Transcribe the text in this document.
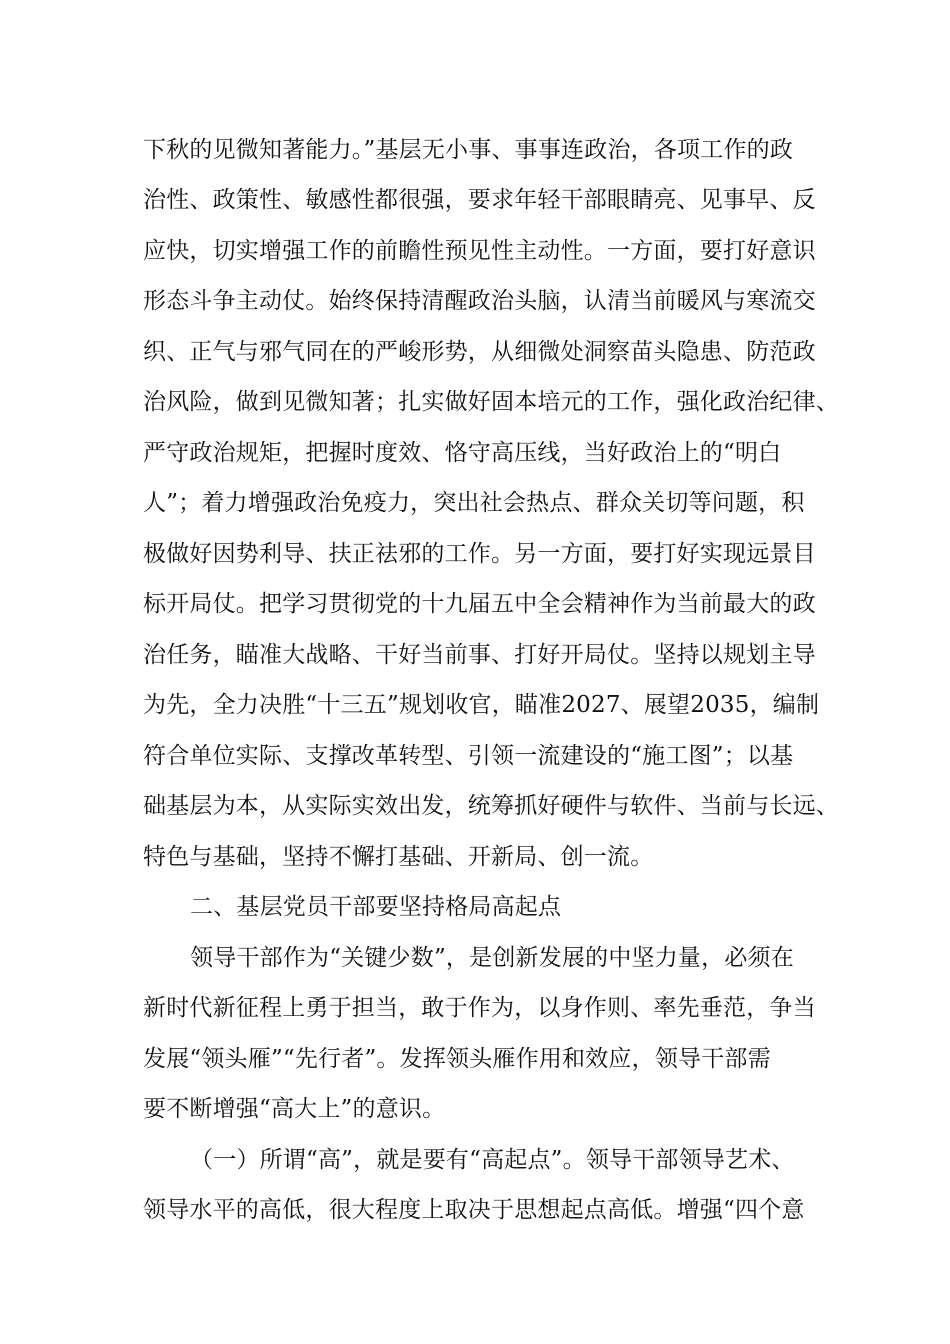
下秋的见微知著能力。”基层无小事、事事连政治，各项工作的政
治性、政策性、敏感性都很强，要求年轻干部眼睛亮、见事早、反
应快，切实增强工作的前瞻性预见性主动性。一方面，要打好意识
形态斗争主动仗。始终保持清醒政治头脑，认清当前暖风与寒流交
织、正气与邪气同在的严峻形势，从细微处洞察苗头隐患、防范政
治风险，做到见微知著；扎实做好固本培元的工作，强化政治纪律、
严守政治规矩，把握时度效、恪守高压线，当好政治上的“明白
人”；着力增强政治免疫力，突出社会热点、群众关切等问题，积
极做好因势利导、扶正祛邪的工作。另一方面，要打好实现远景目
标开局仗。把学习贯彻党的十九届五中全会精神作为当前最大的政
治任务，瞄准大战略、干好当前事、打好开局仗。坚持以规划主导
为先，全力决胜“十三五”规划收官，瞄准2027、展望2035，编制
符合单位实际、支撑改革转型、引领一流建设的“施工图”；以基
础基层为本，从实际实效出发，统筹抓好硬件与软件、当前与长远、
特色与基础，坚持不懈打基础、开新局、创一流。
二、基层党员干部要坚持格局高起点
领导干部作为“关键少数”，是创新发展的中坚力量，必须在
新时代新征程上勇于担当，敢于作为，以身作则、率先垂范，争当
发展“领头雁”“先行者”。发挥领头雁作用和效应，领导干部需
要不断增强“高大上”的意识。
（一）所谓“高”，就是要有“高起点”。领导干部领导艺术、
领导水平的高低，很大程度上取决于思想起点高低。增强“四个意
